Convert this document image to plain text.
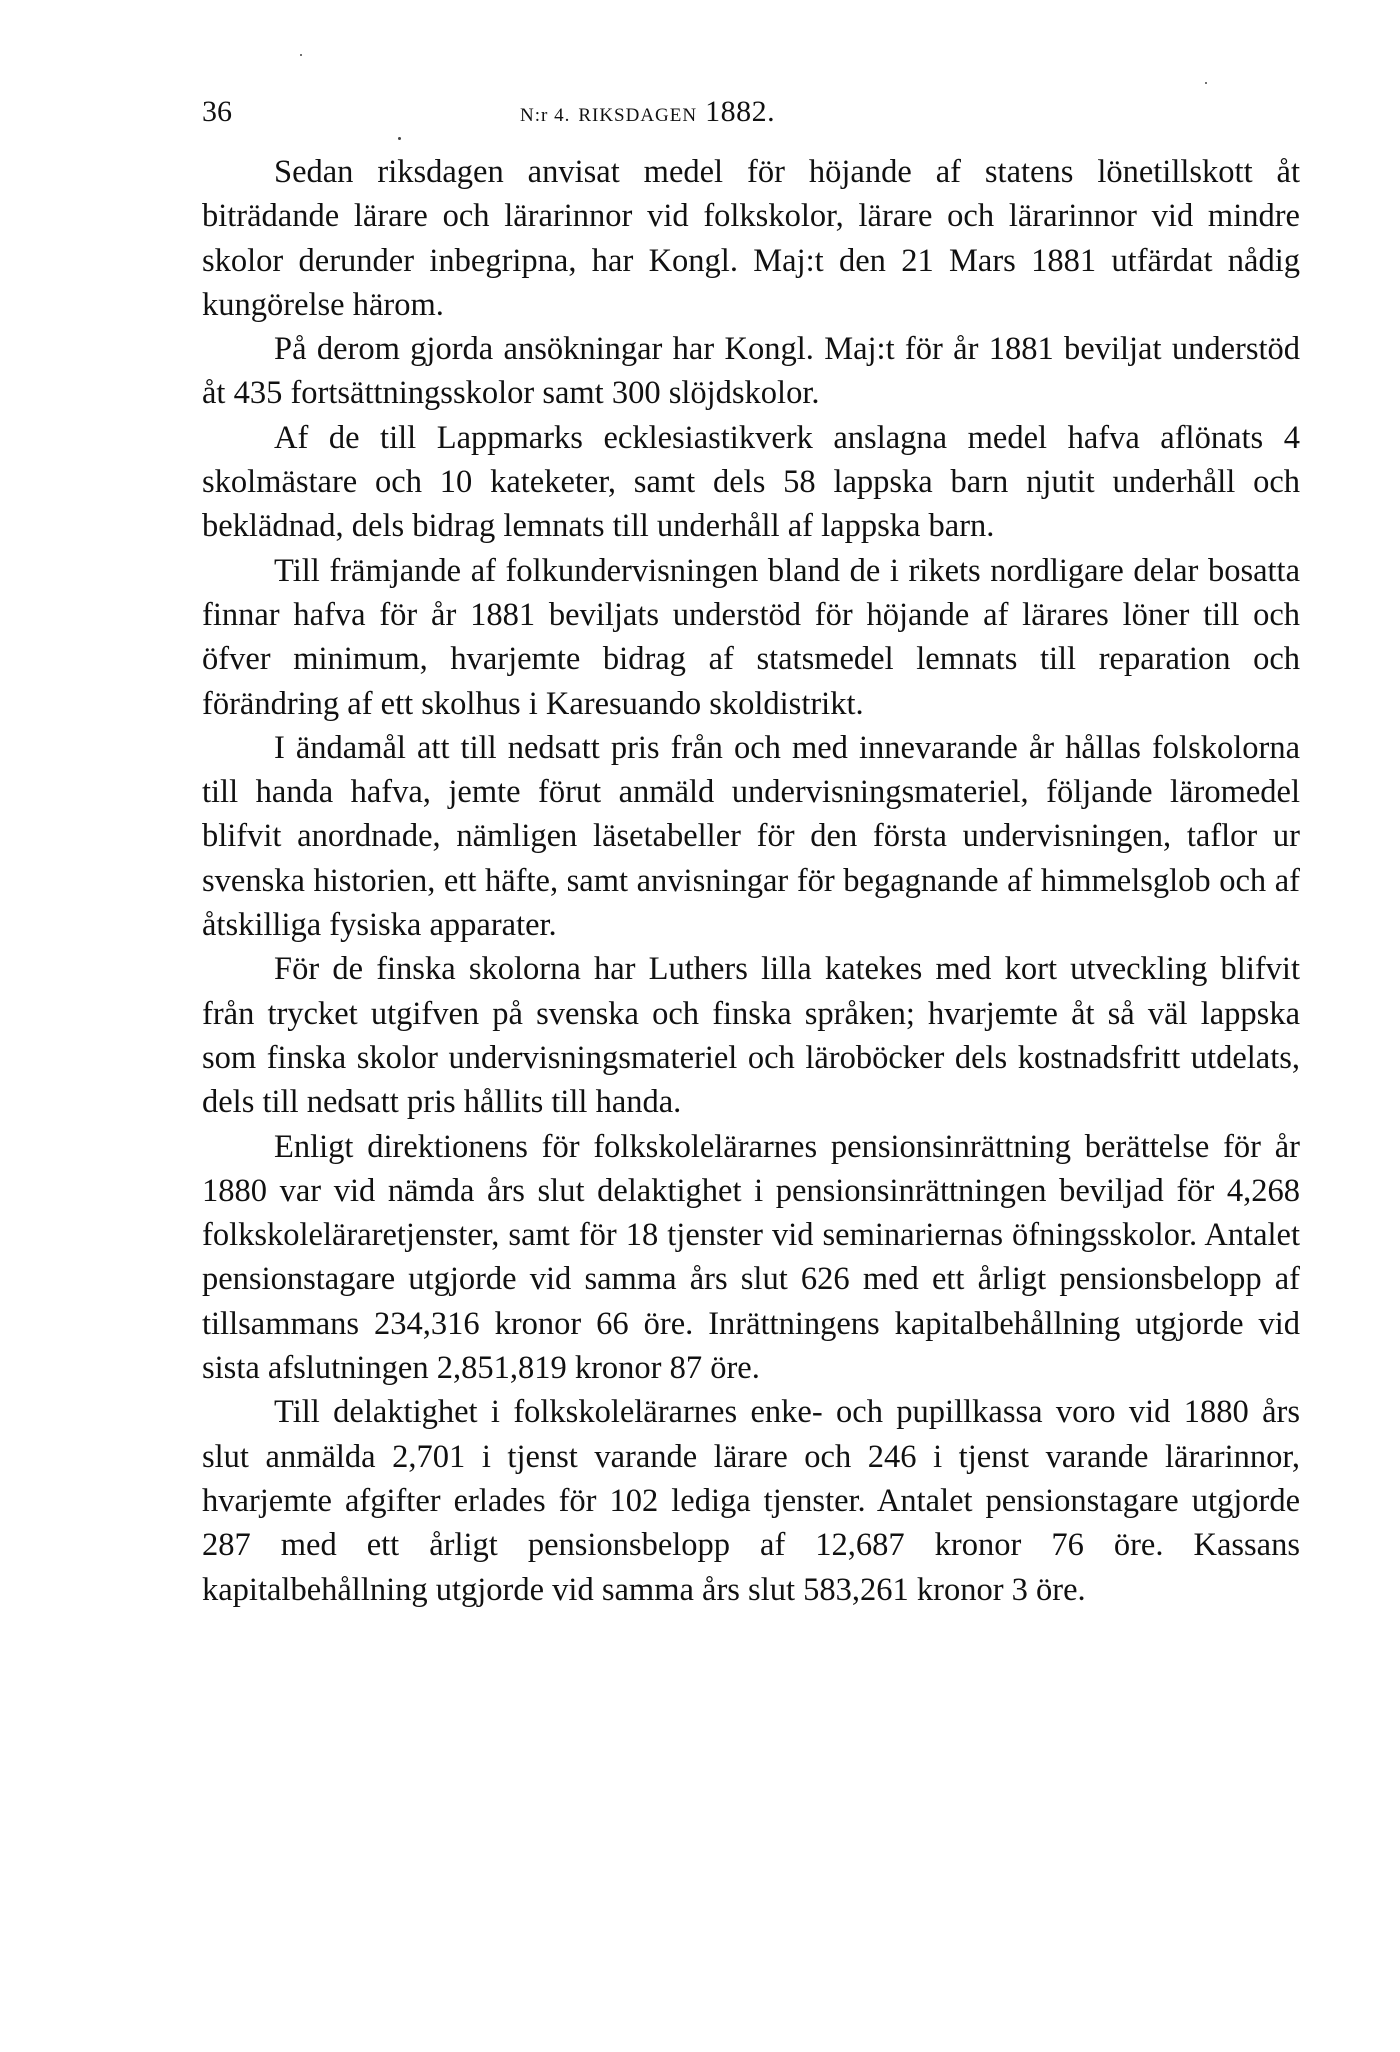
36	N:r 4. RIKSDAGEN 1882.

Sedan riksdagen anvisat medel för höjande af statens lönetillskott åt biträdande lärare och lärarinnor vid folkskolor, lärare och lärarinnor vid mindre skolor derunder inbegripna, har Kongl. Maj:t den 21 Mars 1881 utfärdat nådig kungörelse härom.

På derom gjorda ansökningar har Kongl. Maj:t för år 1881 beviljat understöd åt 435 fortsättningsskolor samt 300 slöjdskolor.

Af de till Lappmarks ecklesiastikverk anslagna medel hafva aflönats 4 skolmästare och 10 kateketer, samt dels 58 lappska barn njutit underhåll och beklädnad, dels bidrag lemnats till underhåll af lappska barn.

Till främjande af folkundervisningen bland de i rikets nordligare delar bosatta finnar hafva för år 1881 beviljats understöd för höjande af lärares löner till och öfver minimum, hvarjemte bidrag af statsmedel lemnats till reparation och förändring af ett skolhus i Karesuando skoldistrikt.

I ändamål att till nedsatt pris från och med innevarande år hållas folskolorna till handa hafva, jemte förut anmäld undervisningsmateriel, följande läromedel blifvit anordnade, nämligen läsetabeller för den första undervisningen, taflor ur svenska historien, ett häfte, samt anvisningar för begagnande af himmelsglob och af åtskilliga fysiska apparater.

För de finska skolorna har Luthers lilla katekes med kort utveckling blifvit från trycket utgifven på svenska och finska språken; hvarjemte åt så väl lappska som finska skolor undervisningsmateriel och läroböcker dels kostnadsfritt utdelats, dels till nedsatt pris hållits till handa.

Enligt direktionens för folkskolelärarnes pensionsinrättning berättelse för år 1880 var vid nämda års slut delaktighet i pensionsinrättningen beviljad för 4,268 folkskoleläraretjenster, samt för 18 tjenster vid seminariernas öfningsskolor. Antalet pensionstagare utgjorde vid samma års slut 626 med ett årligt pensionsbelopp af tillsammans 234,316 kronor 66 öre. Inrättningens kapitalbehållning utgjorde vid sista afslutningen 2,851,819 kronor 87 öre.

Till delaktighet i folkskolelärarnes enke- och pupillkassa voro vid 1880 års slut anmälda 2,701 i tjenst varande lärare och 246 i tjenst varande lärarinnor, hvarjemte afgifter erlades för 102 lediga tjenster. Antalet pensionstagare utgjorde 287 med ett årligt pensionsbelopp af 12,687 kronor 76 öre. Kassans kapitalbehållning utgjorde vid samma års slut 583,261 kronor 3 öre.
